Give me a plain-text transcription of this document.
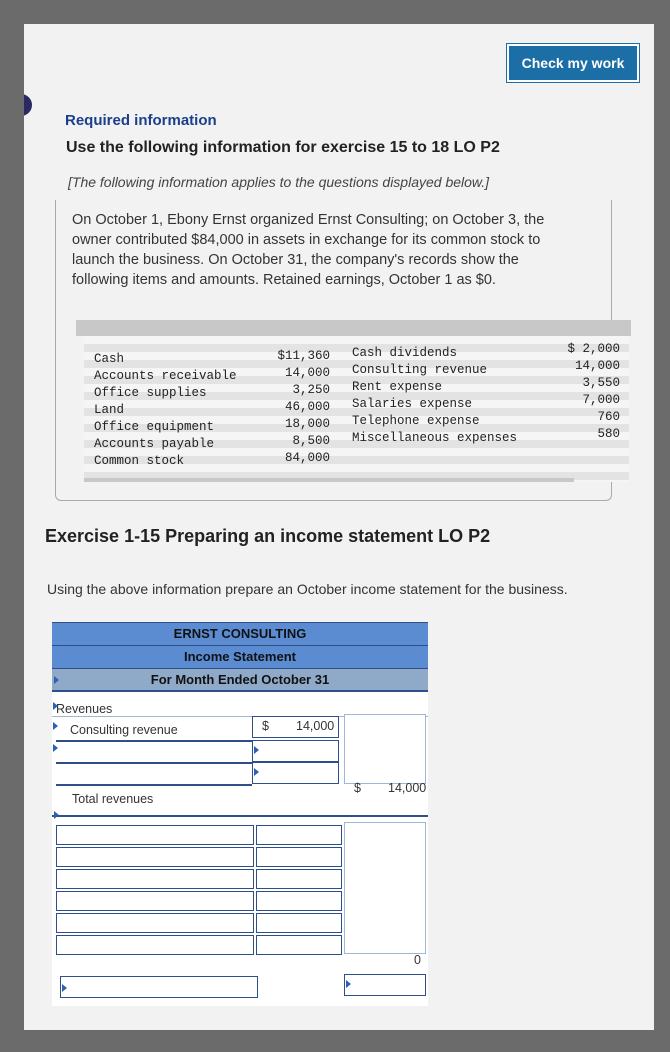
Check my work
Required information
Use the following information for exercise 15 to 18 LO P2
[The following information applies to the questions displayed below.]
On October 1, Ebony Ernst organized Ernst Consulting; on October 3, the owner contributed $84,000 in assets in exchange for its common stock to launch the business. On October 31, the company's records show the following items and amounts. Retained earnings, October 1 as $0.
Cash
Accounts receivable
Office supplies
Land
Office equipment
Accounts payable
Common stock
$11,360
14,000
3,250
46,000
18,000
8,500
84,000
Cash dividends
Consulting revenue
Rent expense
Salaries expense
Telephone expense
Miscellaneous expenses
$ 2,000
14,000
3,550
7,000
760
580
Exercise 1-15 Preparing an income statement LO P2
Using the above information prepare an October income statement for the business.
ERNST CONSULTING
Income Statement
For Month Ended October 31
Revenues
Consulting revenue	$ 14,000
Total revenues
$ 14,000
0
